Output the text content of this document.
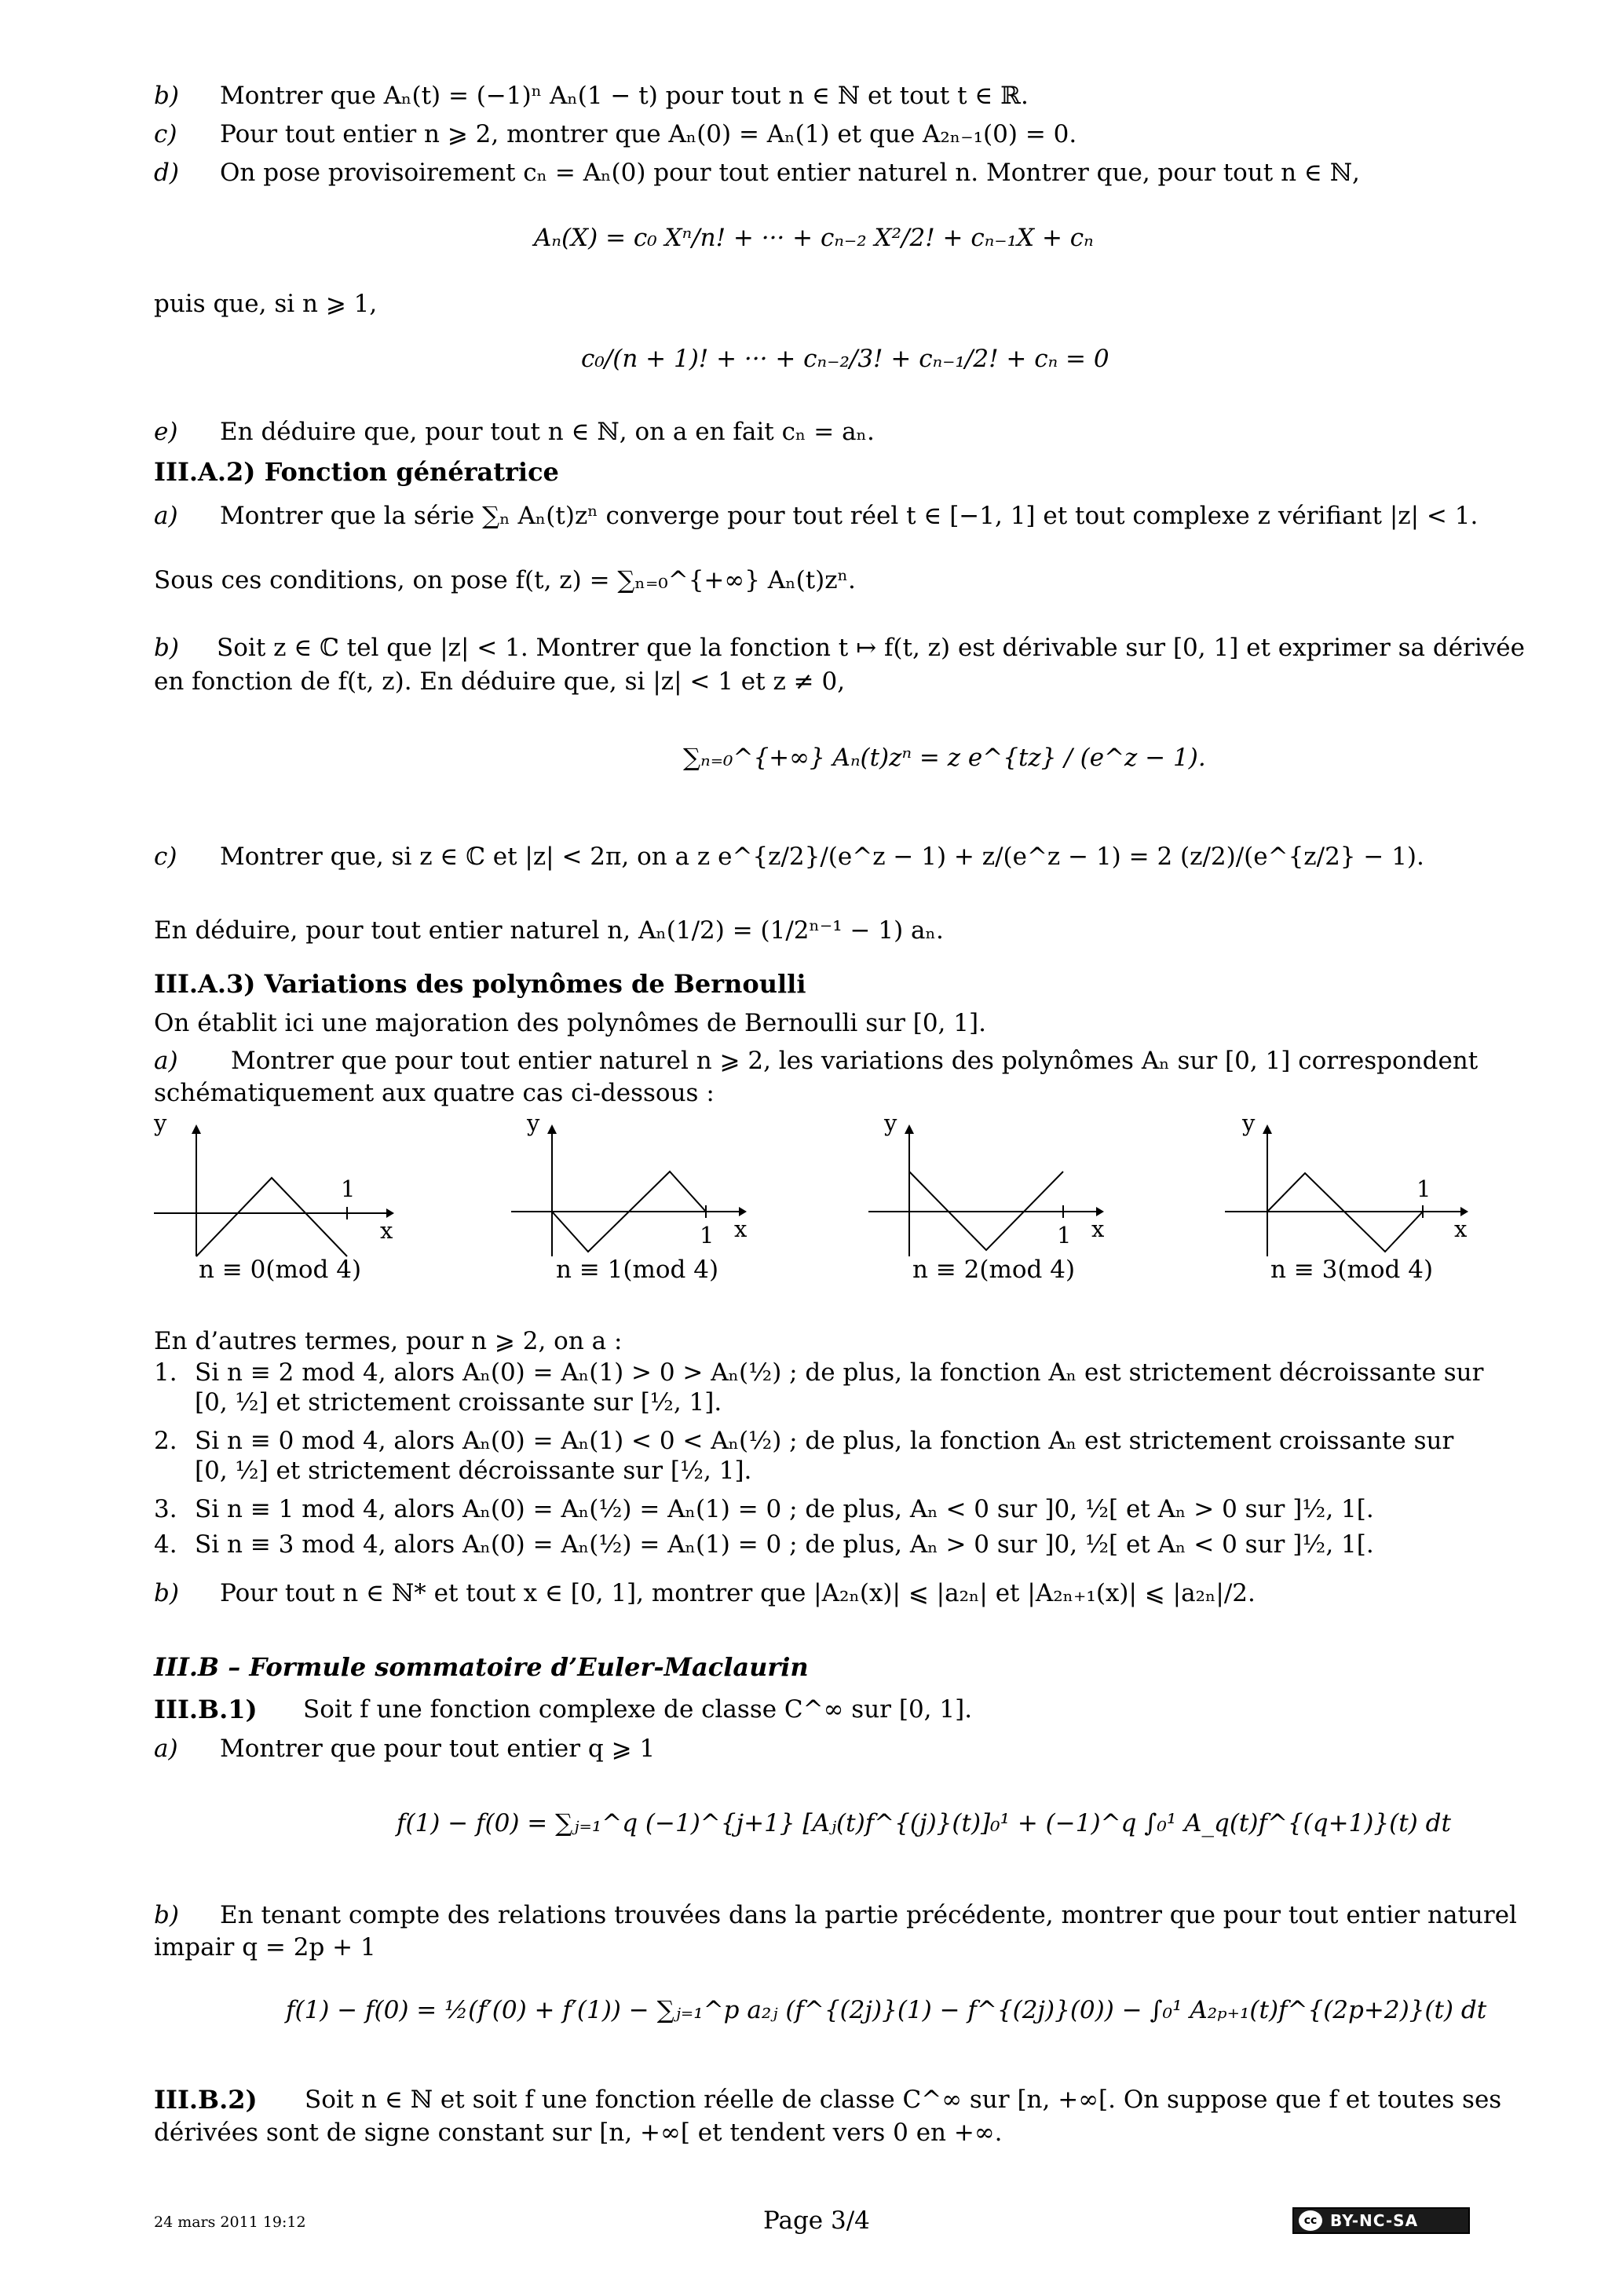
b) Montrer que Aₙ(t) = (−1)ⁿ Aₙ(1 − t) pour tout n ∈ ℕ et tout t ∈ ℝ.
c) Pour tout entier n ⩾ 2, montrer que Aₙ(0) = Aₙ(1) et que A₂ₙ₋₁(0) = 0.
d) On pose provisoirement cₙ = Aₙ(0) pour tout entier naturel n. Montrer que, pour tout n ∈ ℕ,
Aₙ(X) = c₀ Xⁿ/n! + ··· + cₙ₋₂ X²/2! + cₙ₋₁X + cₙ
puis que, si n ⩾ 1,
c₀/(n + 1)! + ··· + cₙ₋₂/3! + cₙ₋₁/2! + cₙ = 0
e) En déduire que, pour tout n ∈ ℕ, on a en fait cₙ = aₙ.
III.A.2) Fonction génératrice
a) Montrer que la série ∑ₙ Aₙ(t)zⁿ converge pour tout réel t ∈ [−1, 1] et tout complexe z vérifiant |z| < 1.
Sous ces conditions, on pose f(t, z) = ∑ₙ₌₀^{+∞} Aₙ(t)zⁿ.
b) Soit z ∈ ℂ tel que |z| < 1. Montrer que la fonction t ↦ f(t, z) est dérivable sur [0, 1] et exprimer sa dérivée
en fonction de f(t, z). En déduire que, si |z| < 1 et z ≠ 0,
∑ₙ₌₀^{+∞} Aₙ(t)zⁿ = z e^{tz} / (e^z − 1).
c) Montrer que, si z ∈ ℂ et |z| < 2π, on a z e^{z/2}/(e^z − 1) + z/(e^z − 1) = 2 (z/2)/(e^{z/2} − 1).
En déduire, pour tout entier naturel n, Aₙ(1/2) = (1/2ⁿ⁻¹ − 1) aₙ.
III.A.3) Variations des polynômes de Bernoulli
On établit ici une majoration des polynômes de Bernoulli sur [0, 1].
a) Montrer que pour tout entier naturel n ⩾ 2, les variations des polynômes Aₙ sur [0, 1] correspondent
schématiquement aux quatre cas ci-dessous :
y
x
1
n ≡ 0(mod 4)
y
x
1
n ≡ 1(mod 4)
y
x
1
n ≡ 2(mod 4)
y
x
1
n ≡ 3(mod 4)
En d’autres termes, pour n ⩾ 2, on a :
1. Si n ≡ 2 mod 4, alors Aₙ(0) = Aₙ(1) > 0 > Aₙ(½) ; de plus, la fonction Aₙ est strictement décroissante sur
[0, ½] et strictement croissante sur [½, 1].
2. Si n ≡ 0 mod 4, alors Aₙ(0) = Aₙ(1) < 0 < Aₙ(½) ; de plus, la fonction Aₙ est strictement croissante sur
[0, ½] et strictement décroissante sur [½, 1].
3. Si n ≡ 1 mod 4, alors Aₙ(0) = Aₙ(½) = Aₙ(1) = 0 ; de plus, Aₙ < 0 sur ]0, ½[ et Aₙ > 0 sur ]½, 1[.
4. Si n ≡ 3 mod 4, alors Aₙ(0) = Aₙ(½) = Aₙ(1) = 0 ; de plus, Aₙ > 0 sur ]0, ½[ et Aₙ < 0 sur ]½, 1[.
b) Pour tout n ∈ ℕ* et tout x ∈ [0, 1], montrer que |A₂ₙ(x)| ⩽ |a₂ₙ| et |A₂ₙ₊₁(x)| ⩽ |a₂ₙ|/2.
III.B – Formule sommatoire d’Euler-Maclaurin
III.B.1) Soit f une fonction complexe de classe C^∞ sur [0, 1].
a) Montrer que pour tout entier q ⩾ 1
f(1) − f(0) = ∑ⱼ₌₁^q (−1)^{j+1} [Aⱼ(t)f^{(j)}(t)]₀¹ + (−1)^q ∫₀¹ A_q(t)f^{(q+1)}(t) dt
b) En tenant compte des relations trouvées dans la partie précédente, montrer que pour tout entier naturel
impair q = 2p + 1
f(1) − f(0) = ½(f′(0) + f′(1)) − ∑ⱼ₌₁^p a₂ⱼ (f^{(2j)}(1) − f^{(2j)}(0)) − ∫₀¹ A₂ₚ₊₁(t)f^{(2p+2)}(t) dt
III.B.2) Soit n ∈ ℕ et soit f une fonction réelle de classe C^∞ sur [n, +∞[. On suppose que f et toutes ses
dérivées sont de signe constant sur [n, +∞[ et tendent vers 0 en +∞.
24 mars 2011 19:12	Page 3/4	cc BY-NC-SA
